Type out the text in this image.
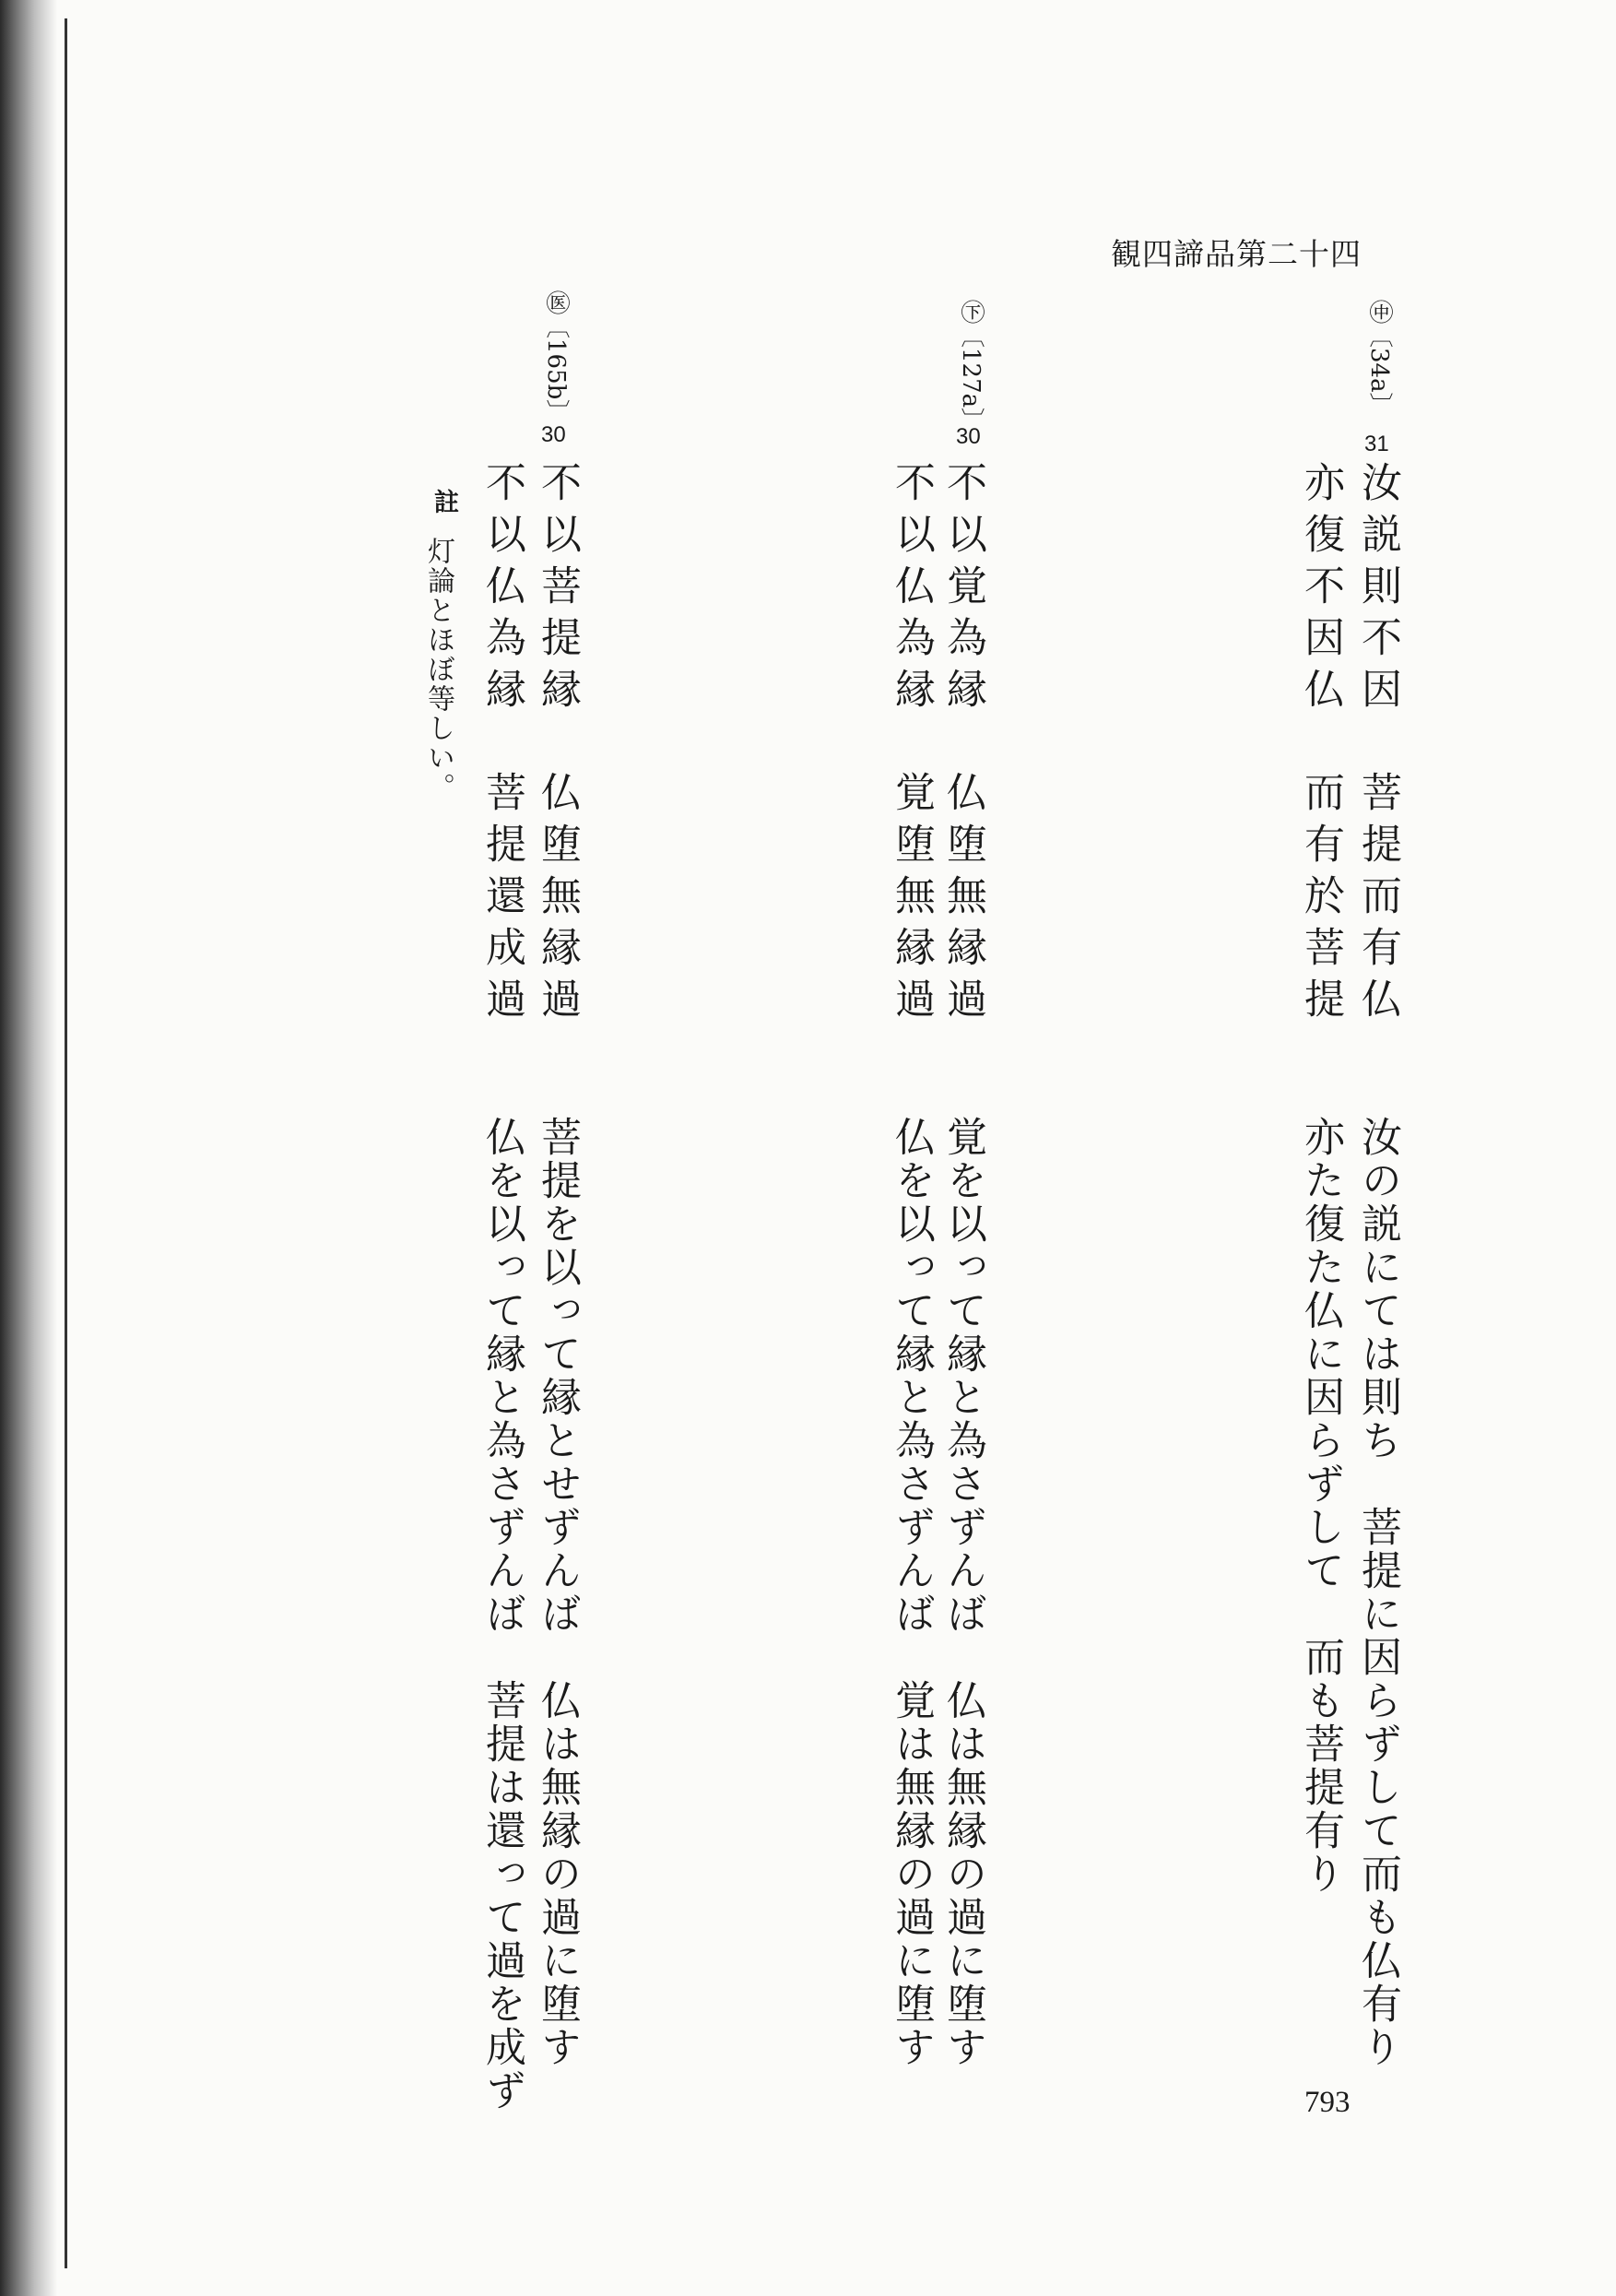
観四諦品第二十四
㊥〔34a〕
31
汝説則不因　菩提而有仏
亦復不因仏　而有於菩提
汝の説にては則ち　菩提に因らずして而も仏有り
亦た復た仏に因らずして　而も菩提有り
㊦〔127a〕
30
不以覚為縁　仏堕無縁過
不以仏為縁　覚堕無縁過
覚を以って縁と為さずんば　仏は無縁の過に堕す
仏を以って縁と為さずんば　覚は無縁の過に堕す
㊩〔165b〕
30
不以菩提縁　仏堕無縁過
不以仏為縁　菩提還成過
菩提を以って縁とせずんば　仏は無縁の過に堕す
仏を以って縁と為さずんば　菩提は還って過を成ず
註
灯論とほぼ等しい。
793
